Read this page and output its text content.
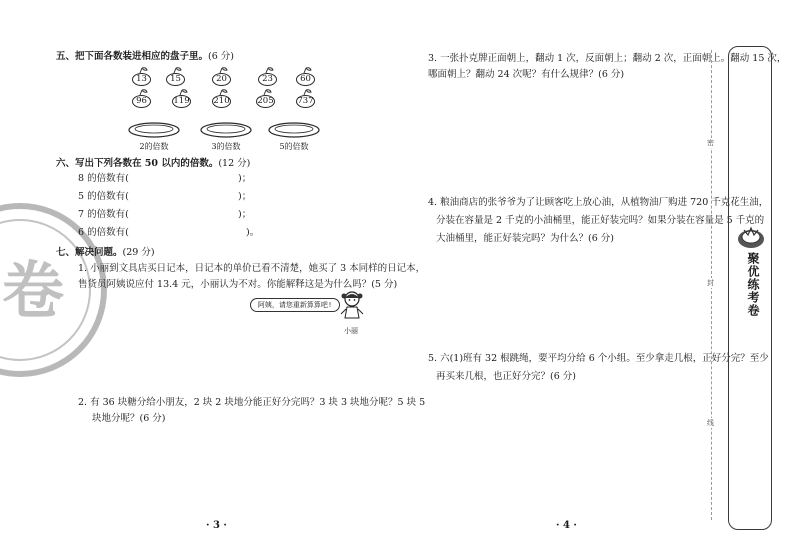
卷
五、把下面各数装进相应的盘子里。(6 分)
13	15	20	23	60
96	119	210	205	737
2的倍数	3的倍数	5的倍数
六、写出下列各数在 50 以内的倍数。(12 分)
8 的倍数有(	)；
5 的倍数有(	)；
7 的倍数有(	)；
6 的倍数有(	)。
七、解决问题。(29 分)
1. 小丽到文具店买日记本，日记本的单价已看不清楚，她买了 3 本同样的日记本，
售货员阿姨说应付 13.4 元，小丽认为不对。你能解释这是为什么吗？(5 分)
阿姨，请您重新算算吧!
小丽
2. 有 36 块糖分给小朋友，2 块 2 块地分能正好分完吗？3 块 3 块地分呢？5 块 5
块地分呢？(6 分)
· 3 ·
3. 一张扑克牌正面朝上，翻动 1 次，反面朝上；翻动 2 次，正面朝上。翻动 15 次，
哪面朝上？翻动 24 次呢？有什么规律？(6 分)
4. 粮油商店的张爷爷为了让顾客吃上放心油，从植物油厂购进 720 千克花生油，
分装在容量是 2 千克的小油桶里，能正好装完吗？如果分装在容量是 5 千克的
大油桶里，能正好装完吗？为什么？(6 分)
5. 六(1)班有 32 根跳绳，要平均分给 6 个小组。至少拿走几根，正好分完？至少
再买来几根，也正好分完？(6 分)
· 4 ·
密
封
线
聚优练考卷
